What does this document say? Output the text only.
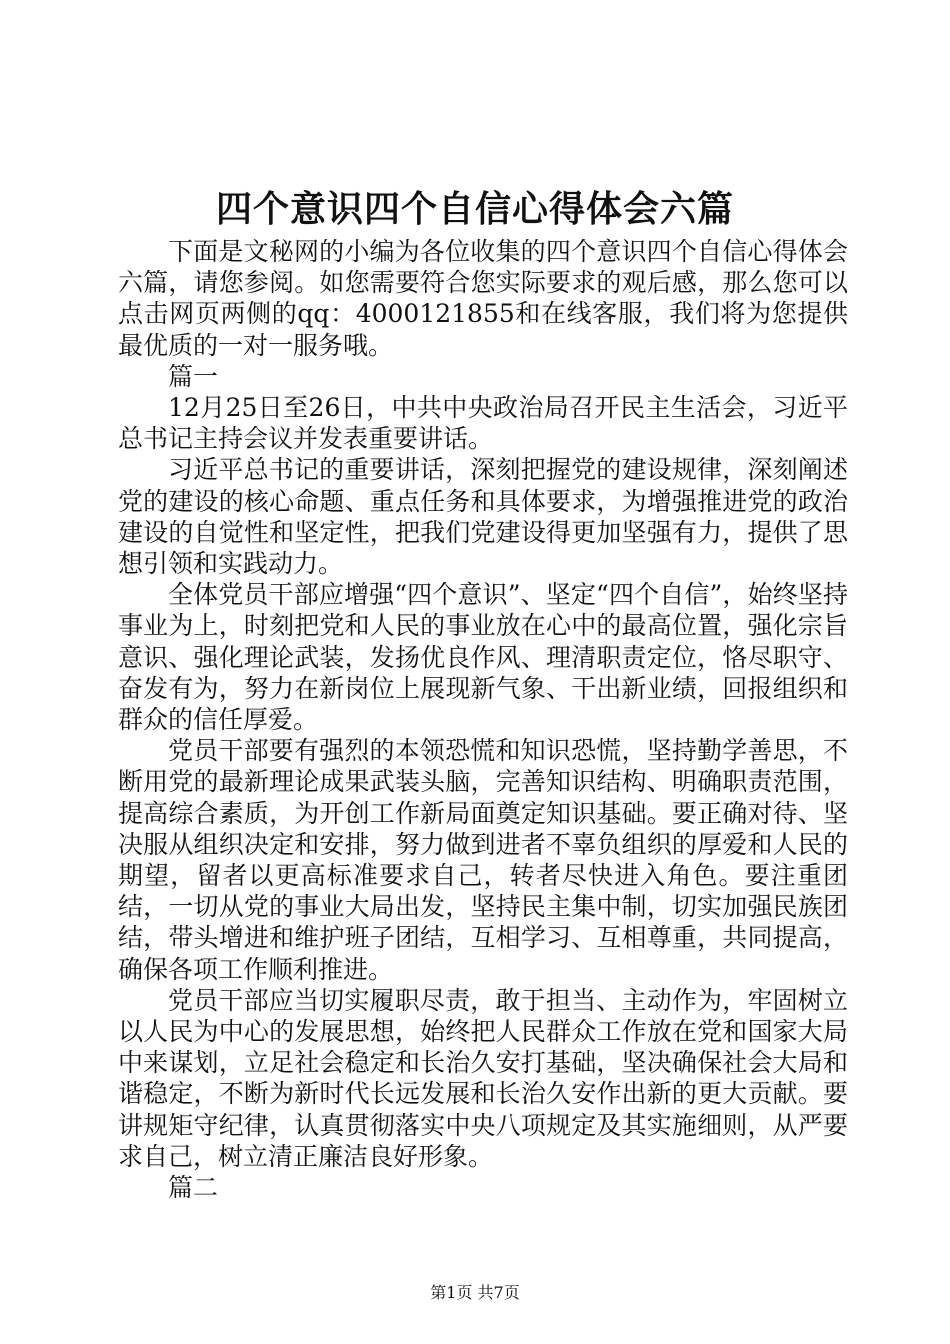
四个意识四个自信心得体会六篇

下面是文秘网的小编为各位收集的四个意识四个自信心得体会六篇，请您参阅。如您需要符合您实际要求的观后感，那么您可以点击网页两侧的qq：4000121855和在线客服，我们将为您提供最优质的一对一服务哦。

篇一

12月25日至26日，中共中央政治局召开民主生活会，习近平总书记主持会议并发表重要讲话。

习近平总书记的重要讲话，深刻把握党的建设规律，深刻阐述党的建设的核心命题、重点任务和具体要求，为增强推进党的政治建设的自觉性和坚定性，把我们党建设得更加坚强有力，提供了思想引领和实践动力。

全体党员干部应增强“四个意识”、坚定“四个自信”，始终坚持事业为上，时刻把党和人民的事业放在心中的最高位置，强化宗旨意识、强化理论武装，发扬优良作风、理清职责定位，恪尽职守、奋发有为，努力在新岗位上展现新气象、干出新业绩，回报组织和群众的信任厚爱。

党员干部要有强烈的本领恐慌和知识恐慌，坚持勤学善思，不断用党的最新理论成果武装头脑，完善知识结构、明确职责范围，提高综合素质，为开创工作新局面奠定知识基础。要正确对待、坚决服从组织决定和安排，努力做到进者不辜负组织的厚爱和人民的期望，留者以更高标准要求自己，转者尽快进入角色。要注重团结，一切从党的事业大局出发，坚持民主集中制，切实加强民族团结，带头增进和维护班子团结，互相学习、互相尊重，共同提高，确保各项工作顺利推进。

党员干部应当切实履职尽责，敢于担当、主动作为，牢固树立以人民为中心的发展思想，始终把人民群众工作放在党和国家大局中来谋划，立足社会稳定和长治久安打基础，坚决确保社会大局和谐稳定，不断为新时代长远发展和长治久安作出新的更大贡献。要讲规矩守纪律，认真贯彻落实中央八项规定及其实施细则，从严要求自己，树立清正廉洁良好形象。

篇二

第1页 共7页
